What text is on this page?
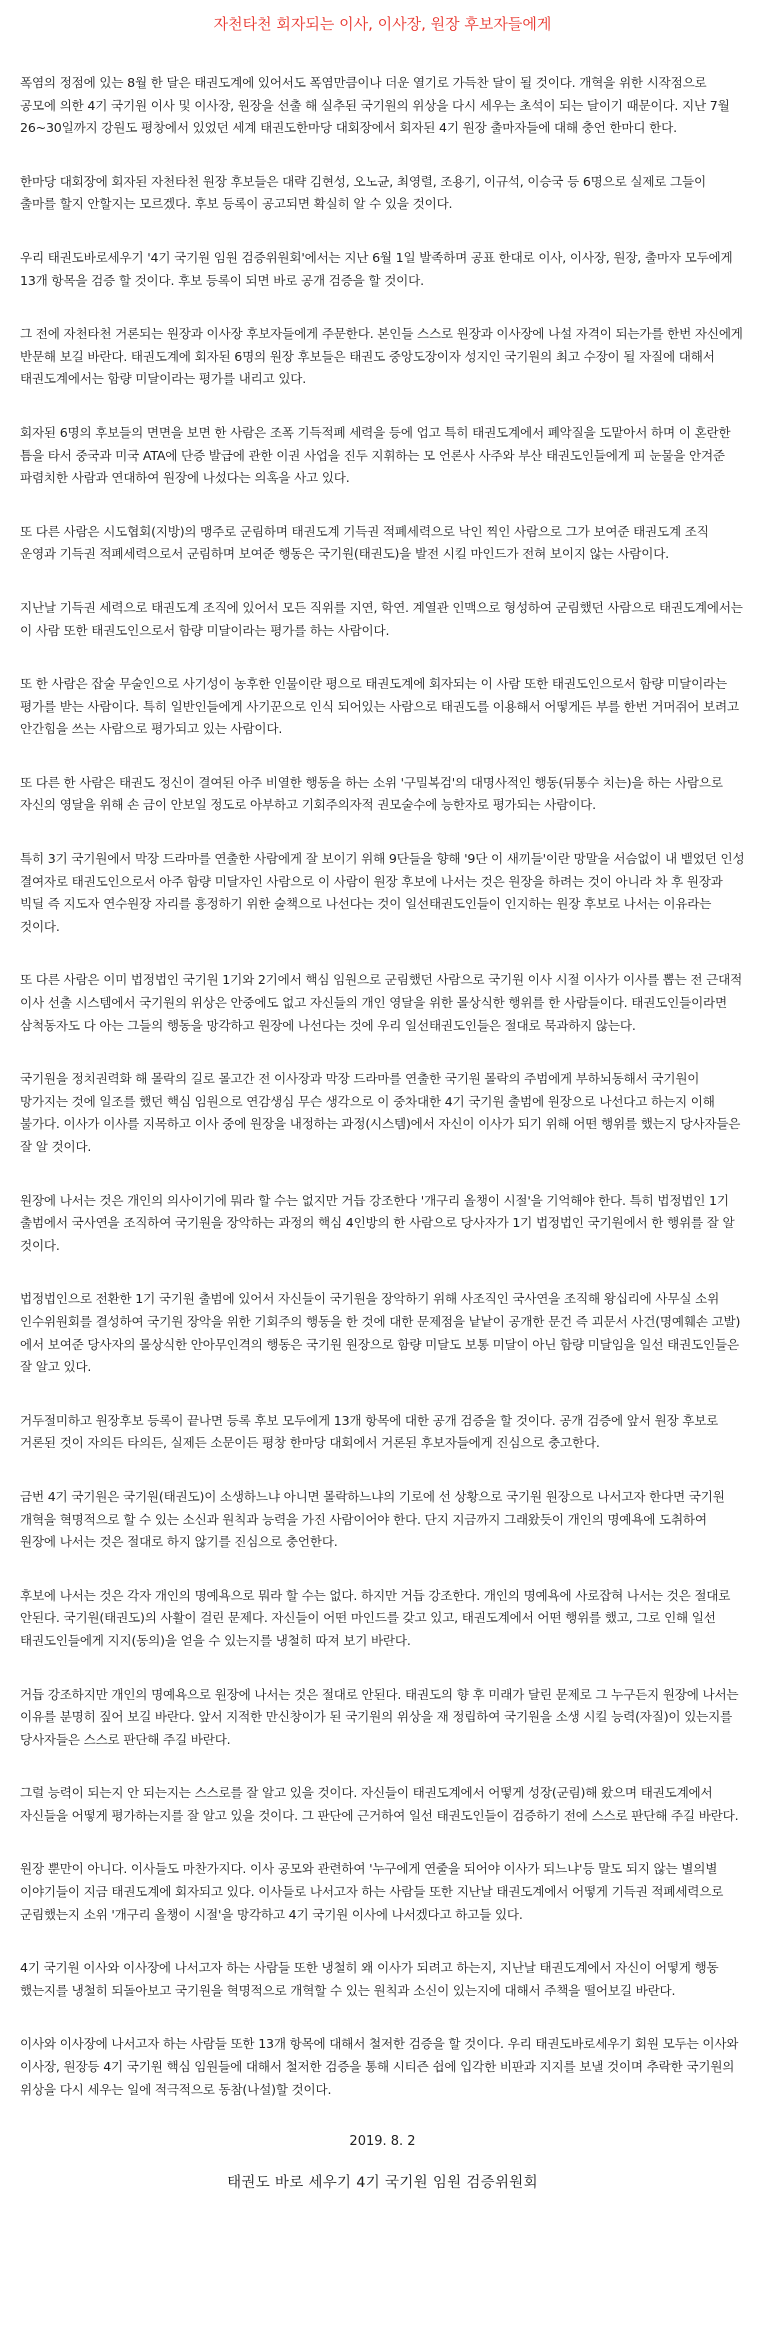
자천타천 회자되는 이사, 이사장, 원장 후보자들에게

폭염의 정점에 있는 8월 한 달은 태권도계에 있어서도 폭염만큼이나 더운 열기로 가득찬 달이 될 것이다. 개혁을 위한 시작점으로 공모에 의한 4기 국기원 이사 및 이사장, 원장을 선출 해 실추된 국기원의 위상을 다시 세우는 초석이 되는 달이기 때문이다. 지난 7월 26~30일까지 강원도 평창에서 있었던 세계 태권도한마당 대회장에서 회자된 4기 원장 출마자들에 대해 충언 한마디 한다.

한마당 대회장에 회자된 자천타천 원장 후보들은 대략 김현성, 오노균, 최영렬, 조용기, 이규석, 이승국 등 6명으로 실제로 그들이 출마를 할지 안할지는 모르겠다. 후보 등록이 공고되면 확실히 알 수 있을 것이다.

우리 태권도바로세우기 '4기 국기원 임원 검증위원회'에서는 지난 6월 1일 발족하며 공표 한대로 이사, 이사장, 원장, 출마자 모두에게 13개 항목을 검증 할 것이다. 후보 등록이 되면 바로 공개 검증을 할 것이다.

그 전에 자천타천 거론되는 원장과 이사장 후보자들에게 주문한다. 본인들 스스로 원장과 이사장에 나설 자격이 되는가를 한번 자신에게 반문해 보길 바란다. 태권도계에 회자된 6명의 원장 후보들은 태권도 중앙도장이자 성지인 국기원의 최고 수장이 될 자질에 대해서 태권도계에서는 함량 미달이라는 평가를 내리고 있다.

회자된 6명의 후보들의 면면을 보면 한 사람은 조폭 기득적폐 세력을 등에 업고 특히 태권도계에서 폐악질을 도맡아서 하며 이 혼란한 틈을 타서 중국과 미국 ATA에 단증 발급에 관한 이권 사업을 진두 지휘하는 모 언론사 사주와 부산 태권도인들에게 피 눈물을 안겨준 파렴치한 사람과 연대하여 원장에 나섰다는 의혹을 사고 있다.

또 다른 사람은 시도협회(지방)의 맹주로 군림하며 태권도계 기득권 적폐세력으로 낙인 찍인 사람으로 그가 보여준 태권도계 조직 운영과 기득권 적폐세력으로서 군림하며 보여준 행동은 국기원(태권도)을 발전 시킬 마인드가 전혀 보이지 않는 사람이다.

지난날 기득권 세력으로 태권도계 조직에 있어서 모든 직위를 지연, 학연. 계열관 인맥으로 형성하여 군림했던 사람으로 태권도계에서는 이 사람 또한 태권도인으로서 함량 미달이라는 평가를 하는 사람이다.

또 한 사람은 잡술 무술인으로 사기성이 농후한 인물이란 평으로 태권도계에 회자되는 이 사람 또한 태권도인으로서 함량 미달이라는 평가를 받는 사람이다. 특히 일반인들에게 사기꾼으로 인식 되어있는 사람으로 태권도를 이용해서 어떻게든 부를 한번 거머쥐어 보려고 안간힘을 쓰는 사람으로 평가되고 있는 사람이다.

또 다른 한 사람은 태권도 정신이 결여된 아주 비열한 행동을 하는 소위 '구밀복검'의 대명사적인 행동(뒤통수 치는)을 하는 사람으로 자신의 영달을 위해 손 금이 안보일 정도로 아부하고 기회주의자적 권모술수에 능한자로 평가되는 사람이다.

특히 3기 국기원에서 막장 드라마를 연출한 사람에게 잘 보이기 위해 9단들을 향해 '9단 이 새끼들'이란 망말을 서슴없이 내 뱉었던 인성 결여자로 태권도인으로서 아주 함량 미달자인 사람으로 이 사람이 원장 후보에 나서는 것은 원장을 하려는 것이 아니라 차 후 원장과 빅딜 즉 지도자 연수원장 자리를 흥정하기 위한 술책으로 나선다는 것이 일선태권도인들이 인지하는 원장 후보로 나서는 이유라는 것이다.

또 다른 사람은 이미 법정법인 국기원 1기와 2기에서 핵심 임원으로 군림했던 사람으로 국기원 이사 시절 이사가 이사를 뽑는 전 근대적 이사 선출 시스템에서 국기원의 위상은 안중에도 없고 자신들의 개인 영달을 위한 몰상식한 행위를 한 사람들이다. 태권도인들이라면 삼척동자도 다 아는 그들의 행동을 망각하고 원장에 나선다는 것에 우리 일선태권도인들은 절대로 묵과하지 않는다.

국기원을 정치권력화 해 몰락의 길로 몰고간 전 이사장과 막장 드라마를 연출한 국기원 몰락의 주범에게 부하뇌동해서 국기원이 망가지는 것에 일조를 했던 핵심 임원으로 연감생심 무슨 생각으로 이 중차대한 4기 국기원 출범에 원장으로 나선다고 하는지 이해 불가다. 이사가 이사를 지목하고 이사 중에 원장을 내정하는 과정(시스템)에서 자신이 이사가 되기 위해 어떤 행위를 했는지 당사자들은 잘 알 것이다.

원장에 나서는 것은 개인의 의사이기에 뭐라 할 수는 없지만 거듭 강조한다 '개구리 올챙이 시절'을 기억해야 한다. 특히 법정법인 1기 출범에서 국사연을 조직하여 국기원을 장악하는 과정의 핵심 4인방의 한 사람으로 당사자가 1기 법정법인 국기원에서 한 행위를 잘 알 것이다.

법정법인으로 전환한 1기 국기원 출범에 있어서 자신들이 국기원을 장악하기 위해 사조직인 국사연을 조직해 왕십리에 사무실 소위 인수위원회를 결성하여 국기원 장악을 위한 기회주의 행동을 한 것에 대한 문제점을 낱낱이 공개한 문건 즉 괴문서 사건(명예훼손 고발)에서 보여준 당사자의 몰상식한 안아무인격의 행동은 국기원 원장으로 함량 미달도 보통 미달이 아닌 함량 미달임을 일선 태권도인들은 잘 알고 있다.

거두절미하고 원장후보 등록이 끝나면 등록 후보 모두에게 13개 항목에 대한 공개 검증을 할 것이다. 공개 검증에 앞서 원장 후보로 거론된 것이 자의든 타의든, 실제든 소문이든 평창 한마당 대회에서 거론된 후보자들에게 진심으로 충고한다.

금번 4기 국기원은 국기원(태권도)이 소생하느냐 아니면 몰락하느냐의 기로에 선 상황으로 국기원 원장으로 나서고자 한다면 국기원 개혁을 혁명적으로 할 수 있는 소신과 원칙과 능력을 가진 사람이어야 한다. 단지 지금까지 그래왔듯이 개인의 명예욕에 도취하여 원장에 나서는 것은 절대로 하지 않기를 진심으로 충언한다.

후보에 나서는 것은 각자 개인의 명예욕으로 뭐라 할 수는 없다. 하지만 거듭 강조한다. 개인의 명예욕에 사로잡혀 나서는 것은 절대로 안된다. 국기원(태권도)의 사활이 걸린 문제다. 자신들이 어떤 마인드를 갖고 있고, 태권도계에서 어떤 행위를 했고, 그로 인해 일선 태권도인들에게 지지(동의)을 얻을 수 있는지를 냉철히 따져 보기 바란다.

거듭 강조하지만 개인의 명예욕으로 원장에 나서는 것은 절대로 안된다. 태권도의 향 후 미래가 달린 문제로 그 누구든지 원장에 나서는 이유를 분명히 짚어 보길 바란다. 앞서 지적한 만신창이가 된 국기원의 위상을 재 정립하여 국기원을 소생 시킬 능력(자질)이 있는지를 당사자들은 스스로 판단해 주길 바란다.

그럴 능력이 되는지 안 되는지는 스스로를 잘 알고 있을 것이다. 자신들이 태권도계에서 어떻게 성장(군림)해 왔으며 태권도계에서 자신들을 어떻게 평가하는지를 잘 알고 있을 것이다. 그 판단에 근거하여 일선 태권도인들이 검증하기 전에 스스로 판단해 주길 바란다.

원장 뿐만이 아니다. 이사들도 마찬가지다. 이사 공모와 관련하여 '누구에게 연줄을 되어야 이사가 되느냐'등 말도 되지 않는 별의별 이야기들이 지금 태권도계에 회자되고 있다. 이사들로 나서고자 하는 사람들 또한 지난날 태권도계에서 어떻게 기득권 적폐세력으로 군림했는지 소위 '개구리 올챙이 시절'을 망각하고 4기 국기원 이사에 나서겠다고 하고들 있다.

4기 국기원 이사와 이사장에 나서고자 하는 사람들 또한 냉철히 왜 이사가 되려고 하는지, 지난날 태권도계에서 자신이 어떻게 행동 했는지를 냉철히 되돌아보고 국기원을 혁명적으로 개혁할 수 있는 원칙과 소신이 있는지에 대해서 주책을 떨어보길 바란다.

이사와 이사장에 나서고자 하는 사람들 또한 13개 항목에 대해서 철저한 검증을 할 것이다. 우리 태권도바로세우기 회원 모두는 이사와 이사장, 원장등 4기 국기원 핵심 임원들에 대해서 철저한 검증을 통해 시티즌 쉽에 입각한 비판과 지지를 보낼 것이며 추락한 국기원의 위상을 다시 세우는 일에 적극적으로 동참(나설)할 것이다.

2019. 8. 2
태권도 바로 세우기 4기 국기원 임원 검증위원회
